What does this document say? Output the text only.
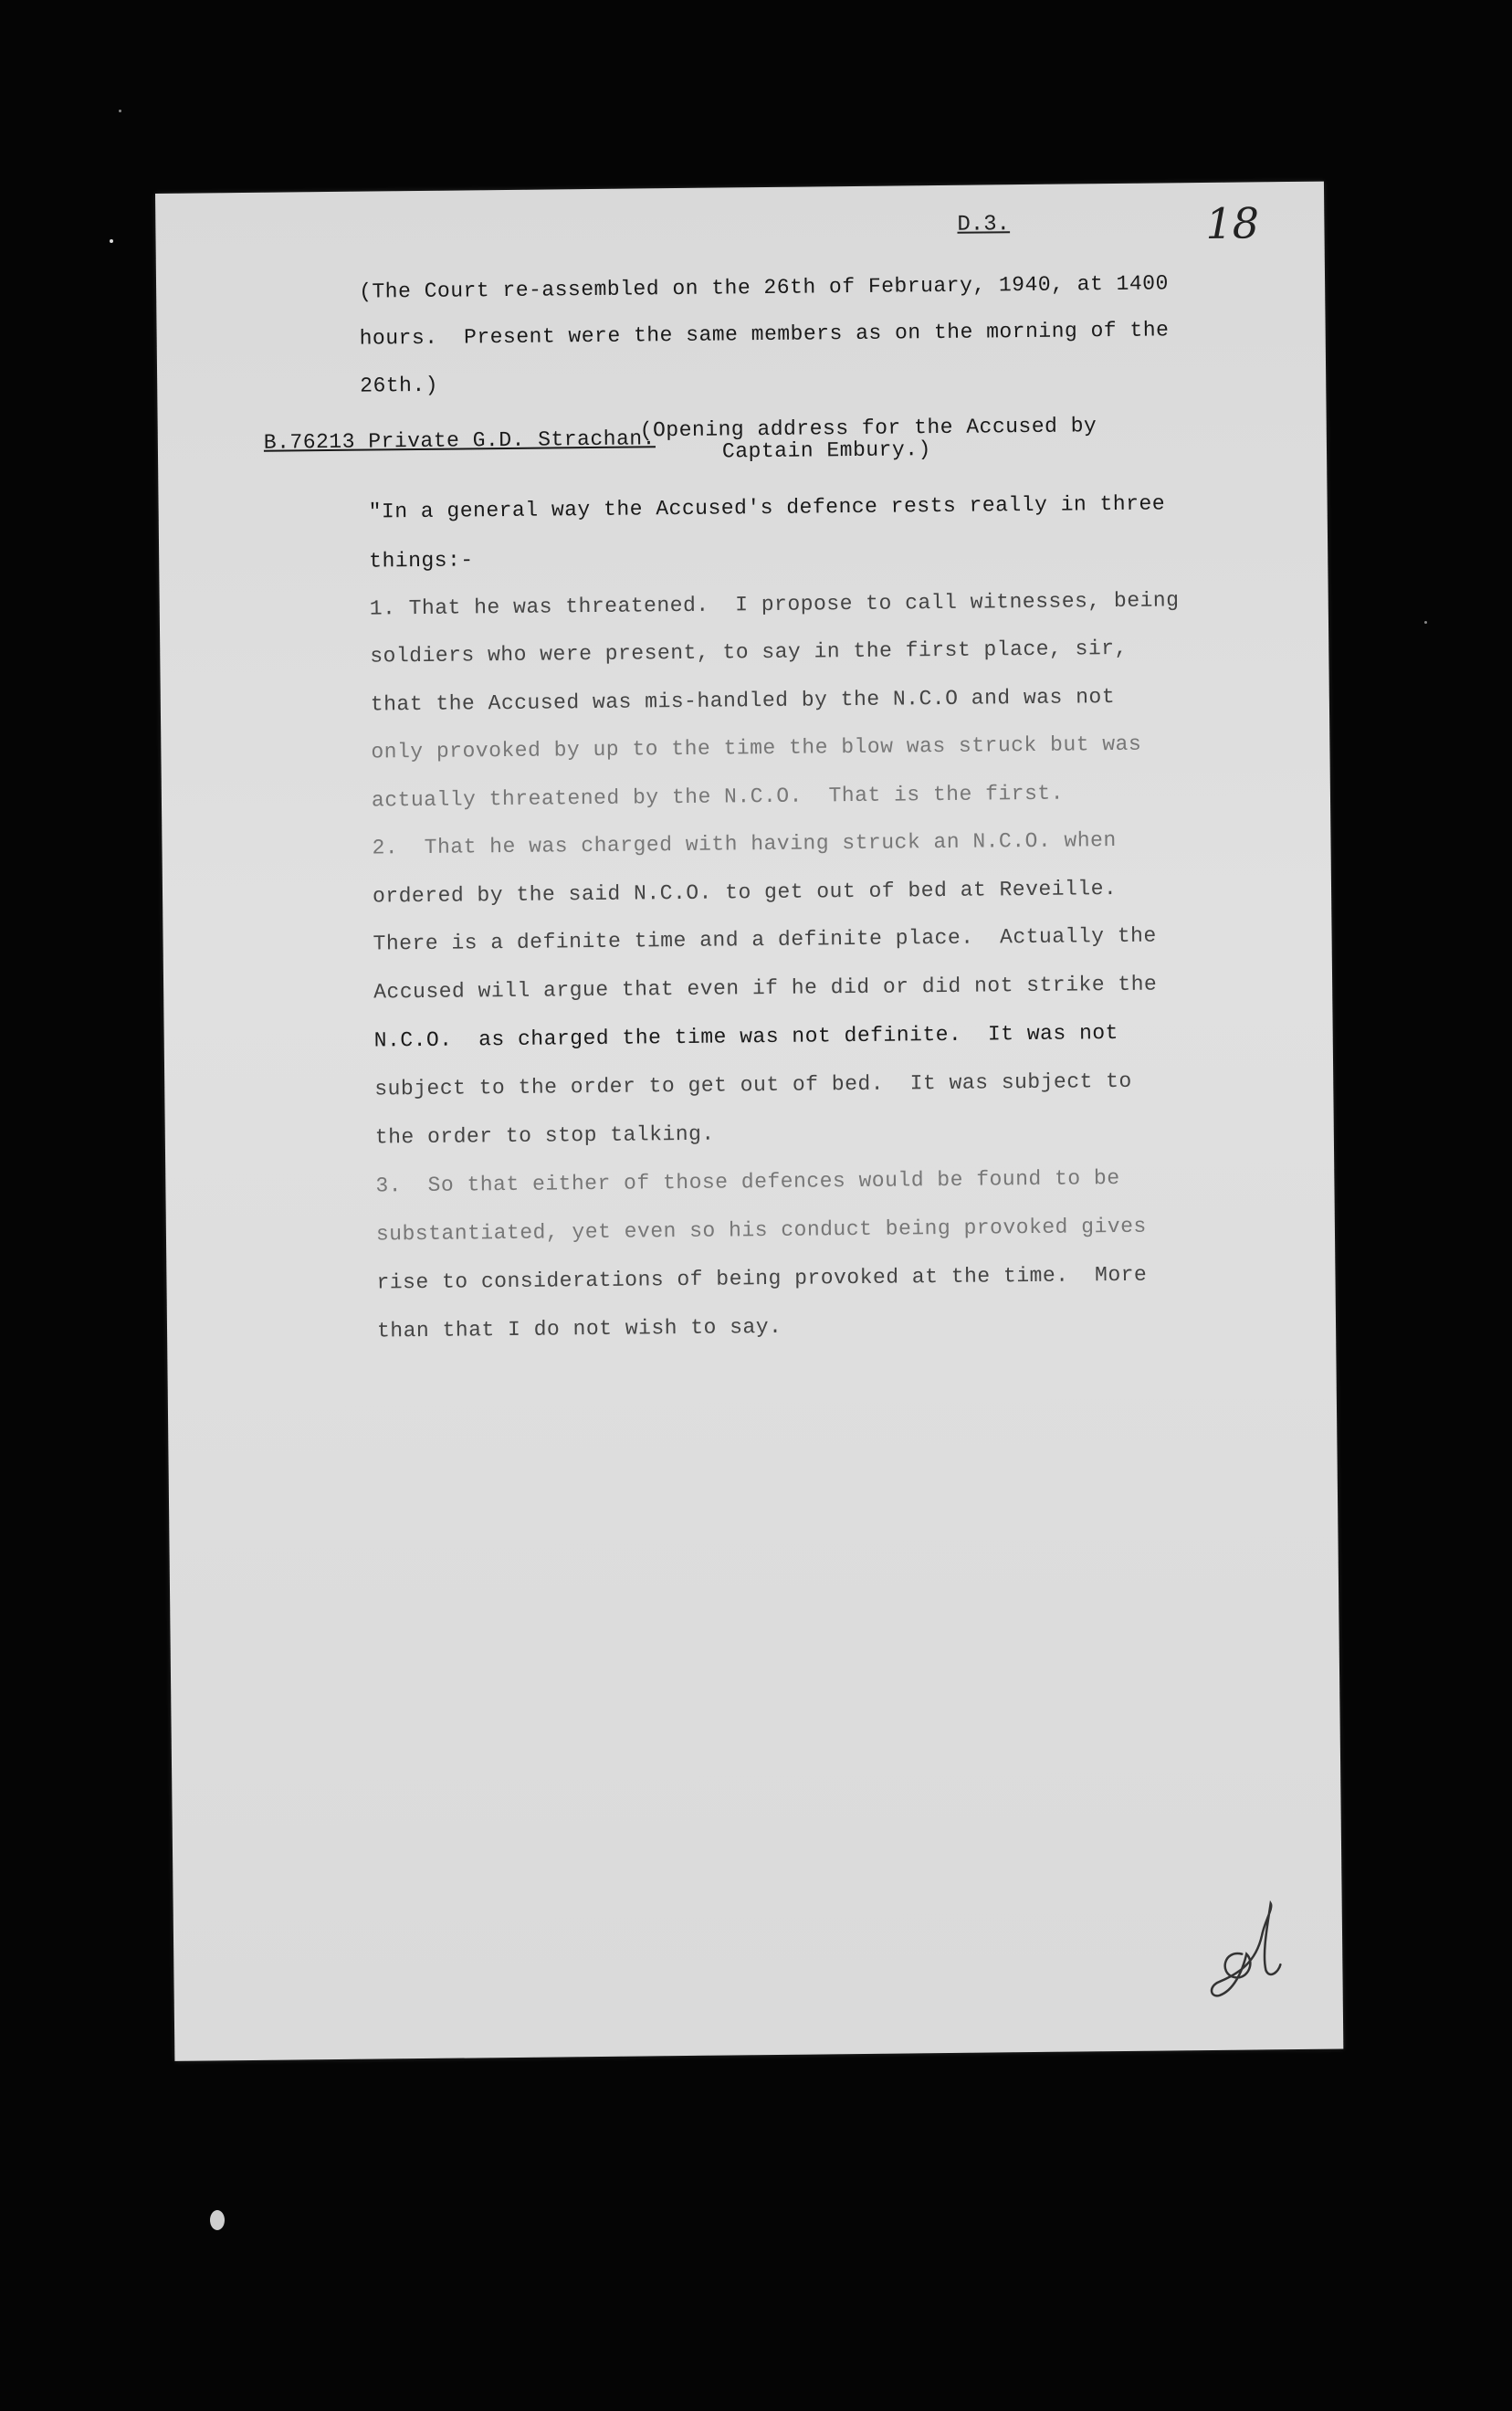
D.3.	18
(The Court re-assembled on the 26th of February, 1940, at 1400
hours.  Present were the same members as on the morning of the
26th.)
B.76213 Private G.D. Strachan.
(Opening address for the Accused by
Captain Embury.)
"In a general way the Accused's defence rests really in three
things:-
1. That he was threatened.  I propose to call witnesses, being
soldiers who were present, to say in the first place, sir,
that the Accused was mis-handled by the N.C.O and was not
only provoked by up to the time the blow was struck but was
actually threatened by the N.C.O.  That is the first.
2.  That he was charged with having struck an N.C.O. when
ordered by the said N.C.O. to get out of bed at Reveille.
There is a definite time and a definite place.  Actually the
Accused will argue that even if he did or did not strike the
N.C.O.  as charged the time was not definite.  It was not
subject to the order to get out of bed.  It was subject to
the order to stop talking.
3.  So that either of those defences would be found to be
substantiated, yet even so his conduct being provoked gives
rise to considerations of being provoked at the time.  More
than that I do not wish to say.
